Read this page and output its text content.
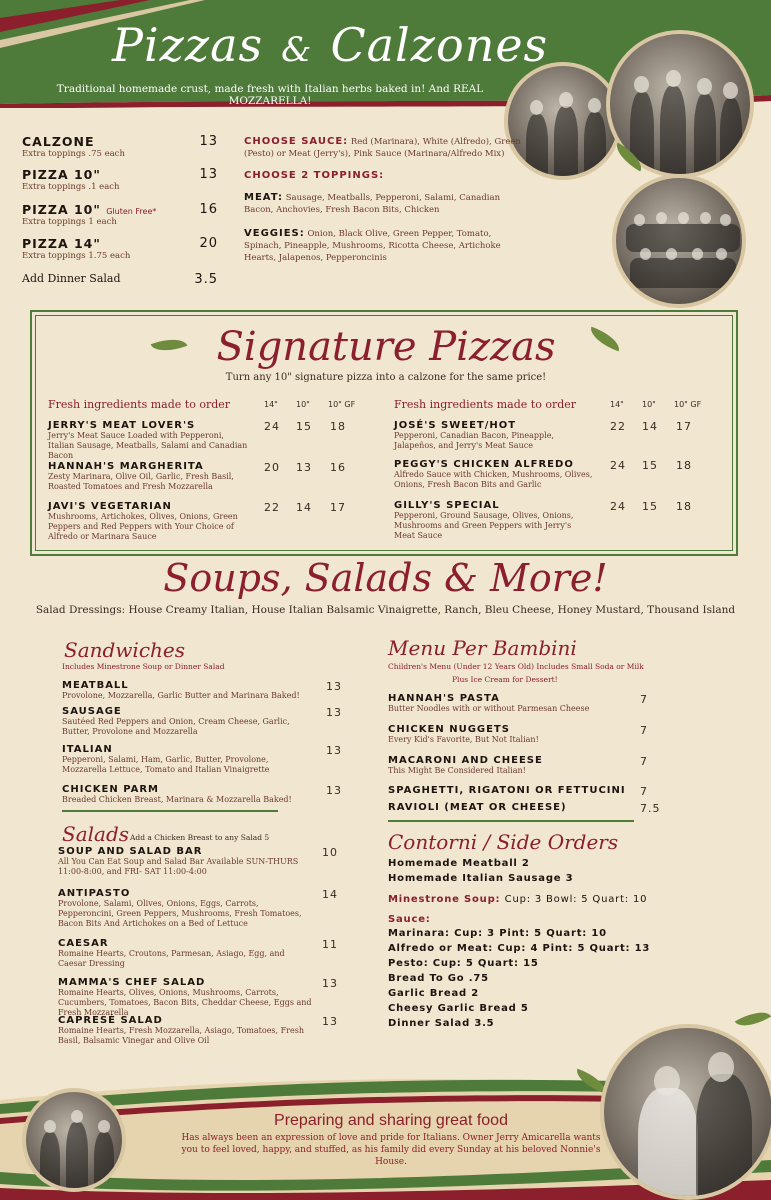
Pizzas & Calzones
Traditional homemade crust, made fresh with Italian herbs baked in! And REAL MOZZARELLA!
CALZONE
Extra toppings .75 each
13
PIZZA 10"
Extra toppings .1 each
13
PIZZA 10" Gluten Free*
Extra toppings 1 each
16
PIZZA 14"
Extra toppings 1.75 each
20
Add Dinner Salad	3.5
CHOOSE SAUCE: Red (Marinara), White (Alfredo), Green (Pesto) or Meat (Jerry's), Pink Sauce (Marinara/Alfredo Mix)
CHOOSE 2 TOPPINGS:
MEAT: Sausage, Meatballs, Pepperoni, Salami, Canadian Bacon, Anchovies, Fresh Bacon Bits, Chicken
VEGGIES: Onion, Black Olive, Green Pepper, Tomato, Spinach, Pineapple, Mushrooms, Ricotta Cheese, Artichoke Hearts, Jalapenos, Pepperoncinis
Signature Pizzas
Turn any 10" signature pizza into a calzone for the same price!
Fresh ingredients made to order	14" 10" 10" GF	Fresh ingredients made to order	14" 10" 10" GF
JERRY'S MEAT LOVER'S
Jerry's Meat Sauce Loaded with Pepperoni, Italian Sausage, Meatballs, Salami and Canadian Bacon
24 15 18
HANNAH'S MARGHERITA
Zesty Marinara, Olive Oil, Garlic, Fresh Basil, Roasted Tomatoes and Fresh Mozzarella
20 13 16
JAVI'S VEGETARIAN
Mushrooms, Artichokes, Olives, Onions, Green Peppers and Red Peppers with Your Choice of Alfredo or Marinara Sauce
22 14 17
JOSÉ'S SWEET/HOT
Pepperoni, Canadian Bacon, Pineapple, Jalapeños, and Jerry's Meat Sauce
22 14 17
PEGGY'S CHICKEN ALFREDO
Alfredo Sauce with Chicken, Mushrooms, Olives, Onions, Fresh Bacon Bits and Garlic
24 15 18
GILLY'S SPECIAL
Pepperoni, Ground Sausage, Olives, Onions, Mushrooms and Green Peppers with Jerry's Meat Sauce
24 15 18
Soups, Salads & More!
Salad Dressings: House Creamy Italian, House Italian Balsamic Vinaigrette, Ranch, Bleu Cheese, Honey Mustard, Thousand Island
Sandwiches
Includes Minestrone Soup or Dinner Salad
MEATBALL
Provolone, Mozzarella, Garlic Butter and Marinara Baked!
13
SAUSAGE
Sautéed Red Peppers and Onion, Cream Cheese, Garlic, Butter, Provolone and Mozzarella
13
ITALIAN
Pepperoni, Salami, Ham, Garlic, Butter, Provolone, Mozzarella Lettuce, Tomato and Italian Vinaigrette
13
CHICKEN PARM
Breaded Chicken Breast, Marinara & Mozzarella Baked!
13
Salads Add a Chicken Breast to any Salad 5
SOUP AND SALAD BAR
All You Can Eat Soup and Salad Bar Available SUN-THURS 11:00-8:00, and FRI- SAT 11:00-4:00
10
ANTIPASTO
Provolone, Salami, Olives, Onions, Eggs, Carrots, Pepperoncini, Green Peppers, Mushrooms, Fresh Tomatoes, Bacon Bits And Artichokes on a Bed of Lettuce
14
CAESAR
Romaine Hearts, Croutons, Parmesan, Asiago, Egg, and Caesar Dressing
11
MAMMA'S CHEF SALAD
Romaine Hearts, Olives, Onions, Mushrooms, Carrots, Cucumbers, Tomatoes, Bacon Bits, Cheddar Cheese, Eggs and Fresh Mozzarella
13
CAPRESÉ SALAD
Romaine Hearts, Fresh Mozzarella, Asiago, Tomatoes, Fresh Basil, Balsamic Vinegar and Olive Oil
13
Menu Per Bambini
Children's Menu (Under 12 Years Old) Includes Small Soda or Milk
Plus Ice Cream for Dessert!
HANNAH'S PASTA
Butter Noodles with or without Parmesan Cheese
7
CHICKEN NUGGETS
Every Kid's Favorite, But Not Italian!
7
MACARONI AND CHEESE
This Might Be Considered Italian!
7
SPAGHETTI, RIGATONI OR FETTUCINI	7
RAVIOLI (MEAT OR CHEESE)	7.5
Contorni / Side Orders
Homemade Meatball 2
Homemade Italian Sausage 3
Minestrone Soup: Cup: 3 Bowl: 5 Quart: 10
Sauce:
Marinara: Cup: 3 Pint: 5 Quart: 10
Alfredo or Meat: Cup: 4 Pint: 5 Quart: 13
Pesto: Cup: 5 Quart: 15
Bread To Go .75
Garlic Bread 2
Cheesy Garlic Bread 5
Dinner Salad 3.5
Preparing and sharing great food
Has always been an expression of love and pride for Italians. Owner Jerry Amicarella wants you to feel loved, happy, and stuffed, as his family did every Sunday at his beloved Nonnie's House.
